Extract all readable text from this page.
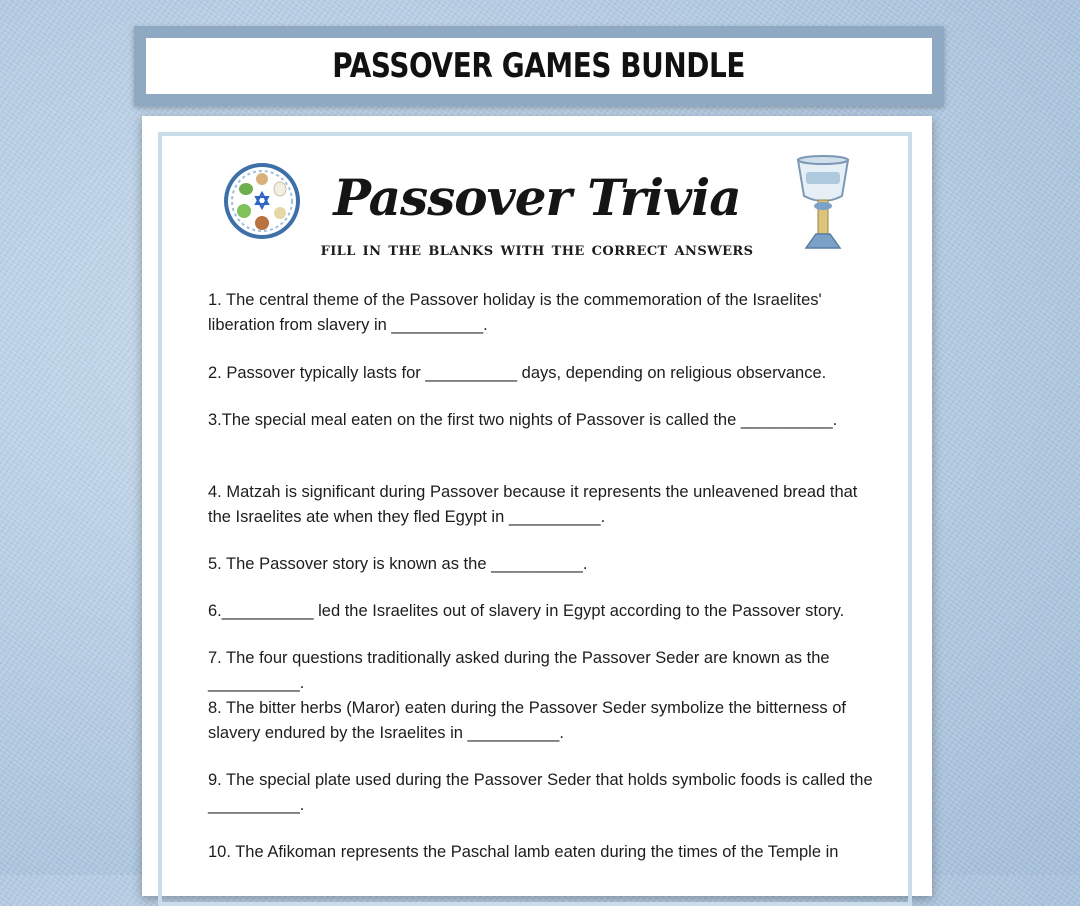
PASSOVER GAMES BUNDLE
Passover Trivia
FILL IN THE BLANKS WITH THE CORRECT ANSWERS

1. The central theme of the Passover holiday is the commemoration of the Israelites' liberation from slavery in __________.

2. Passover typically lasts for __________ days, depending on religious observance.

3.The special meal eaten on the first two nights of Passover is called the __________.

4. Matzah is significant during Passover because it represents the unleavened bread that the Israelites ate when they fled Egypt in __________.

5. The Passover story is known as the __________.

6.__________ led the Israelites out of slavery in Egypt according to the Passover story.

7. The four questions traditionally asked during the Passover Seder are known as the __________.

8. The bitter herbs (Maror) eaten during the Passover Seder symbolize the bitterness of slavery endured by the Israelites in __________.

9. The special plate used during the Passover Seder that holds symbolic foods is called the __________.

10. The Afikoman represents the Paschal lamb eaten during the times of the Temple in
